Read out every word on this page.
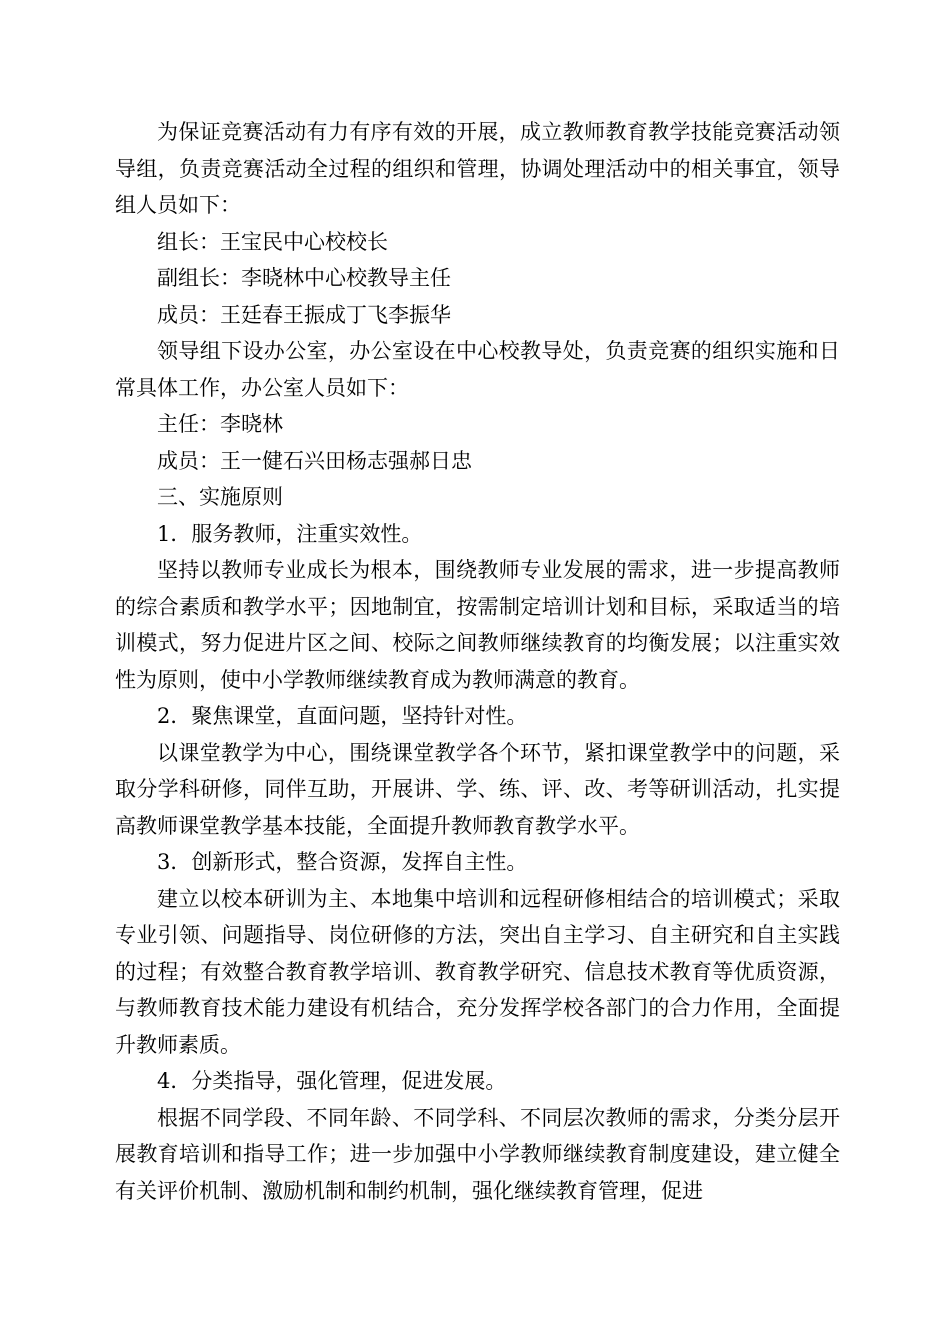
为保证竞赛活动有力有序有效的开展，成立教师教育教学技能竞赛活动领导组，负责竞赛活动全过程的组织和管理，协调处理活动中的相关事宜，领导组人员如下：

组长：王宝民中心校校长

副组长：李晓林中心校教导主任

成员：王廷春王振成丁飞李振华

领导组下设办公室，办公室设在中心校教导处，负责竞赛的组织实施和日常具体工作，办公室人员如下：

主任：李晓林

成员：王一健石兴田杨志强郝日忠

三、实施原则

1．服务教师，注重实效性。

坚持以教师专业成长为根本，围绕教师专业发展的需求，进一步提高教师的综合素质和教学水平；因地制宜，按需制定培训计划和目标，采取适当的培训模式，努力促进片区之间、校际之间教师继续教育的均衡发展；以注重实效性为原则，使中小学教师继续教育成为教师满意的教育。

2．聚焦课堂，直面问题，坚持针对性。

以课堂教学为中心，围绕课堂教学各个环节，紧扣课堂教学中的问题，采取分学科研修，同伴互助，开展讲、学、练、评、改、考等研训活动，扎实提高教师课堂教学基本技能，全面提升教师教育教学水平。

3．创新形式，整合资源，发挥自主性。

建立以校本研训为主、本地集中培训和远程研修相结合的培训模式；采取专业引领、问题指导、岗位研修的方法，突出自主学习、自主研究和自主实践的过程；有效整合教育教学培训、教育教学研究、信息技术教育等优质资源，与教师教育技术能力建设有机结合，充分发挥学校各部门的合力作用，全面提升教师素质。

4．分类指导，强化管理，促进发展。

根据不同学段、不同年龄、不同学科、不同层次教师的需求，分类分层开展教育培训和指导工作；进一步加强中小学教师继续教育制度建设，建立健全有关评价机制、激励机制和制约机制，强化继续教育管理，促进
